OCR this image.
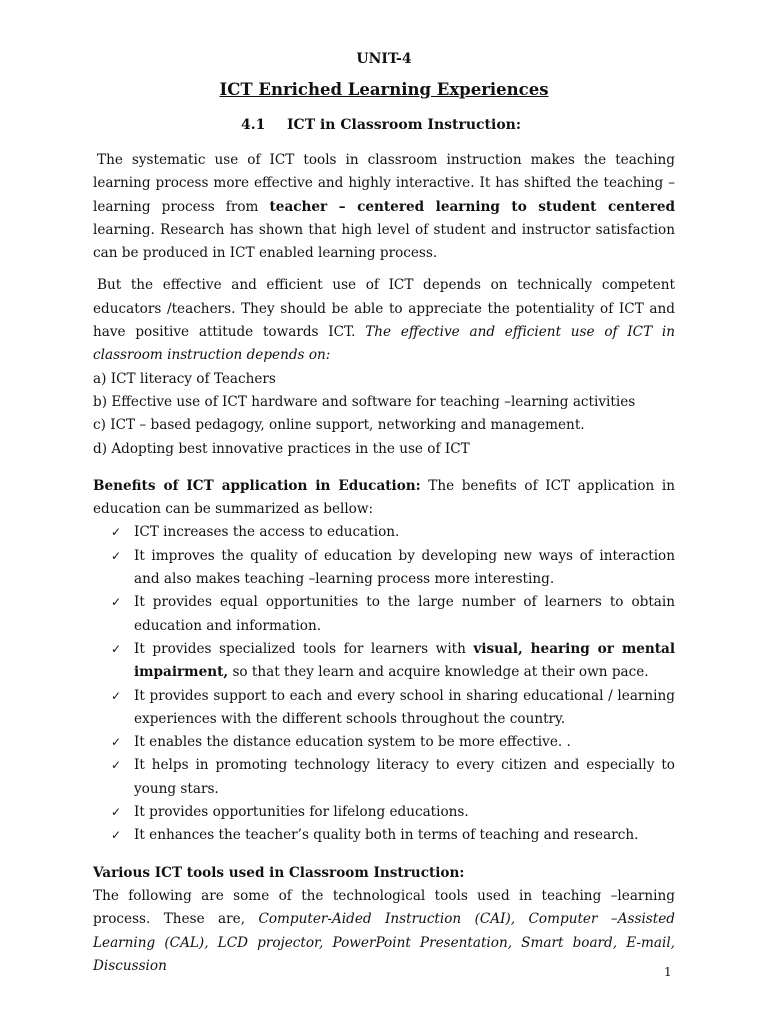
UNIT-4
ICT Enriched Learning Experiences
4.1 ICT in Classroom Instruction:

The systematic use of ICT tools in classroom instruction makes the teaching learning process more effective and highly interactive. It has shifted the teaching – learning process from teacher – centered learning to student centered learning. Research has shown that high level of student and instructor satisfaction can be produced in ICT enabled learning process.

But the effective and efficient use of ICT depends on technically competent educators /teachers. They should be able to appreciate the potentiality of ICT and have positive attitude towards ICT. The effective and efficient use of ICT in classroom instruction depends on:

a) ICT literacy of Teachers
b) Effective use of ICT hardware and software for teaching –learning activities
c) ICT – based pedagogy, online support, networking and management.
d) Adopting best innovative practices in the use of ICT

Benefits of ICT application in Education: The benefits of ICT application in education can be summarized as bellow:

✓ ICT increases the access to education.
✓ It improves the quality of education by developing new ways of interaction and also makes teaching –learning process more interesting.
✓ It provides equal opportunities to the large number of learners to obtain education and information.
✓ It provides specialized tools for learners with visual, hearing or mental impairment, so that they learn and acquire knowledge at their own pace.
✓ It provides support to each and every school in sharing educational / learning experiences with the different schools throughout the country.
✓ It enables the distance education system to be more effective. .
✓ It helps in promoting technology literacy to every citizen and especially to young stars.
✓ It provides opportunities for lifelong educations.
✓ It enhances the teacher’s quality both in terms of teaching and research.
Various ICT tools used in Classroom Instruction:

The following are some of the technological tools used in teaching –learning process. These are, Computer-Aided Instruction (CAI), Computer –Assisted Learning (CAL), LCD projector, PowerPoint Presentation, Smart board, E-mail, Discussion	1
